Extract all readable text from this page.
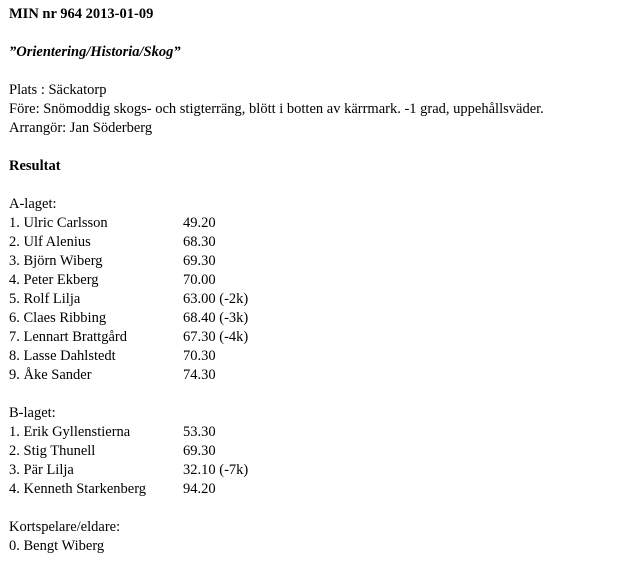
MIN nr 964 2013-01-09
”Orientering/Historia/Skog”
Plats : Säckatorp
Före: Snömoddig skogs- och stigterräng, blött i botten av kärrmark. -1 grad, uppehållsväder.
Arrangör: Jan Söderberg
Resultat
A-laget:
1. Ulric Carlsson	49.20
2. Ulf Alenius	68.30
3. Björn Wiberg	69.30
4. Peter Ekberg	70.00
5. Rolf Lilja	63.00 (-2k)
6. Claes Ribbing	68.40 (-3k)
7. Lennart Brattgård	67.30 (-4k)
8. Lasse Dahlstedt	70.30
9. Åke Sander	74.30
B-laget:
1. Erik Gyllenstierna	53.30
2. Stig Thunell	69.30
3. Pär Lilja	32.10 (-7k)
4. Kenneth Starkenberg	94.20
Kortspelare/eldare:
0. Bengt Wiberg
